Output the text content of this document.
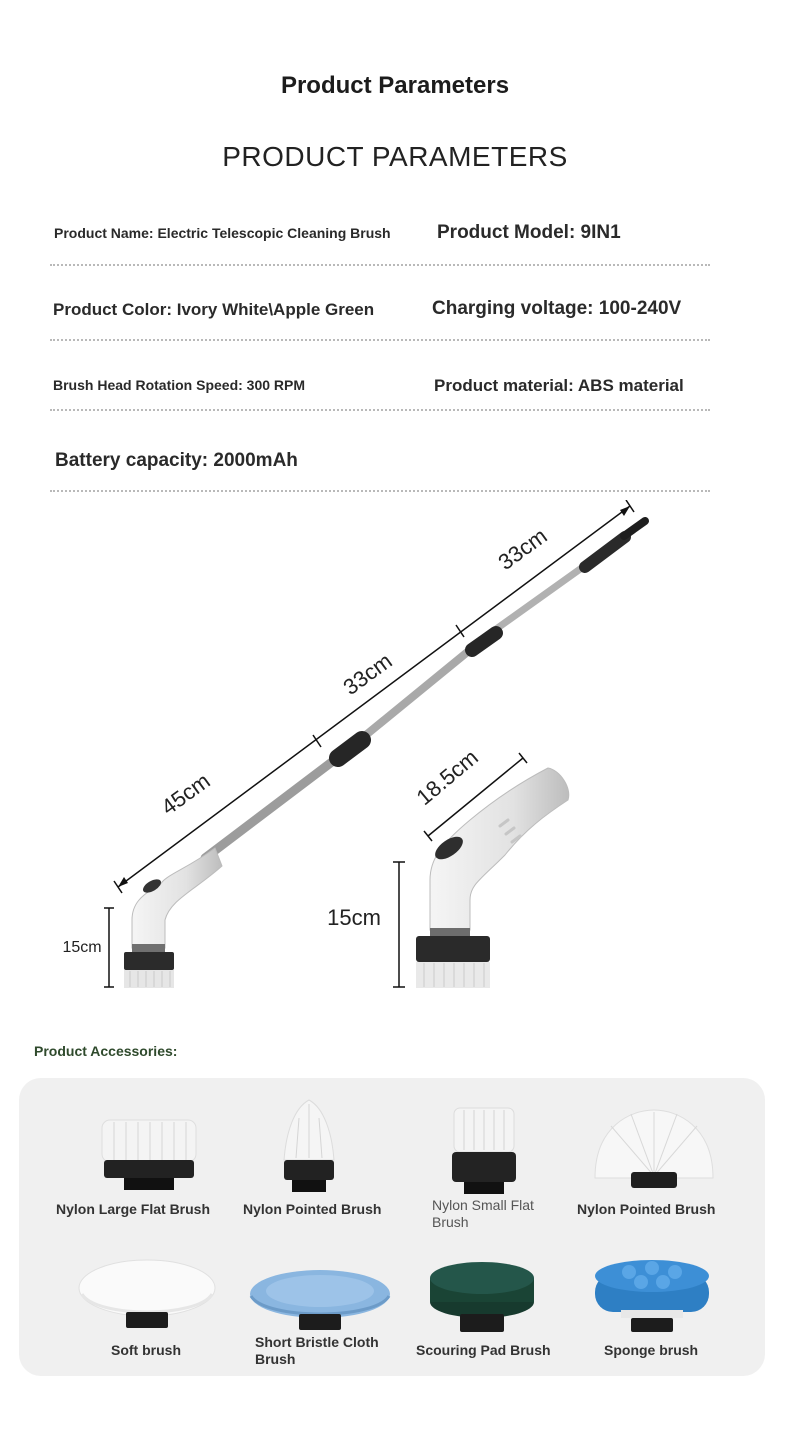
Product Parameters
PRODUCT PARAMETERS
Product Name: Electric Telescopic Cleaning Brush Product Model: 9IN1
Product Color: Ivory White\Apple Green	Charging voltage: 100-240V
Brush Head Rotation Speed: 300 RPM	Product material: ABS material
Battery capacity: 2000mAh
45cm
33cm
33cm
15cm
15cm
18.5cm
Product Accessories:
Nylon Large Flat Brush Nylon Pointed Brush	Nylon Small Flat Brush
Nylon Pointed Brush
Soft brush	Short Bristle Cloth Brush
Scouring Pad Brush	Sponge brush
